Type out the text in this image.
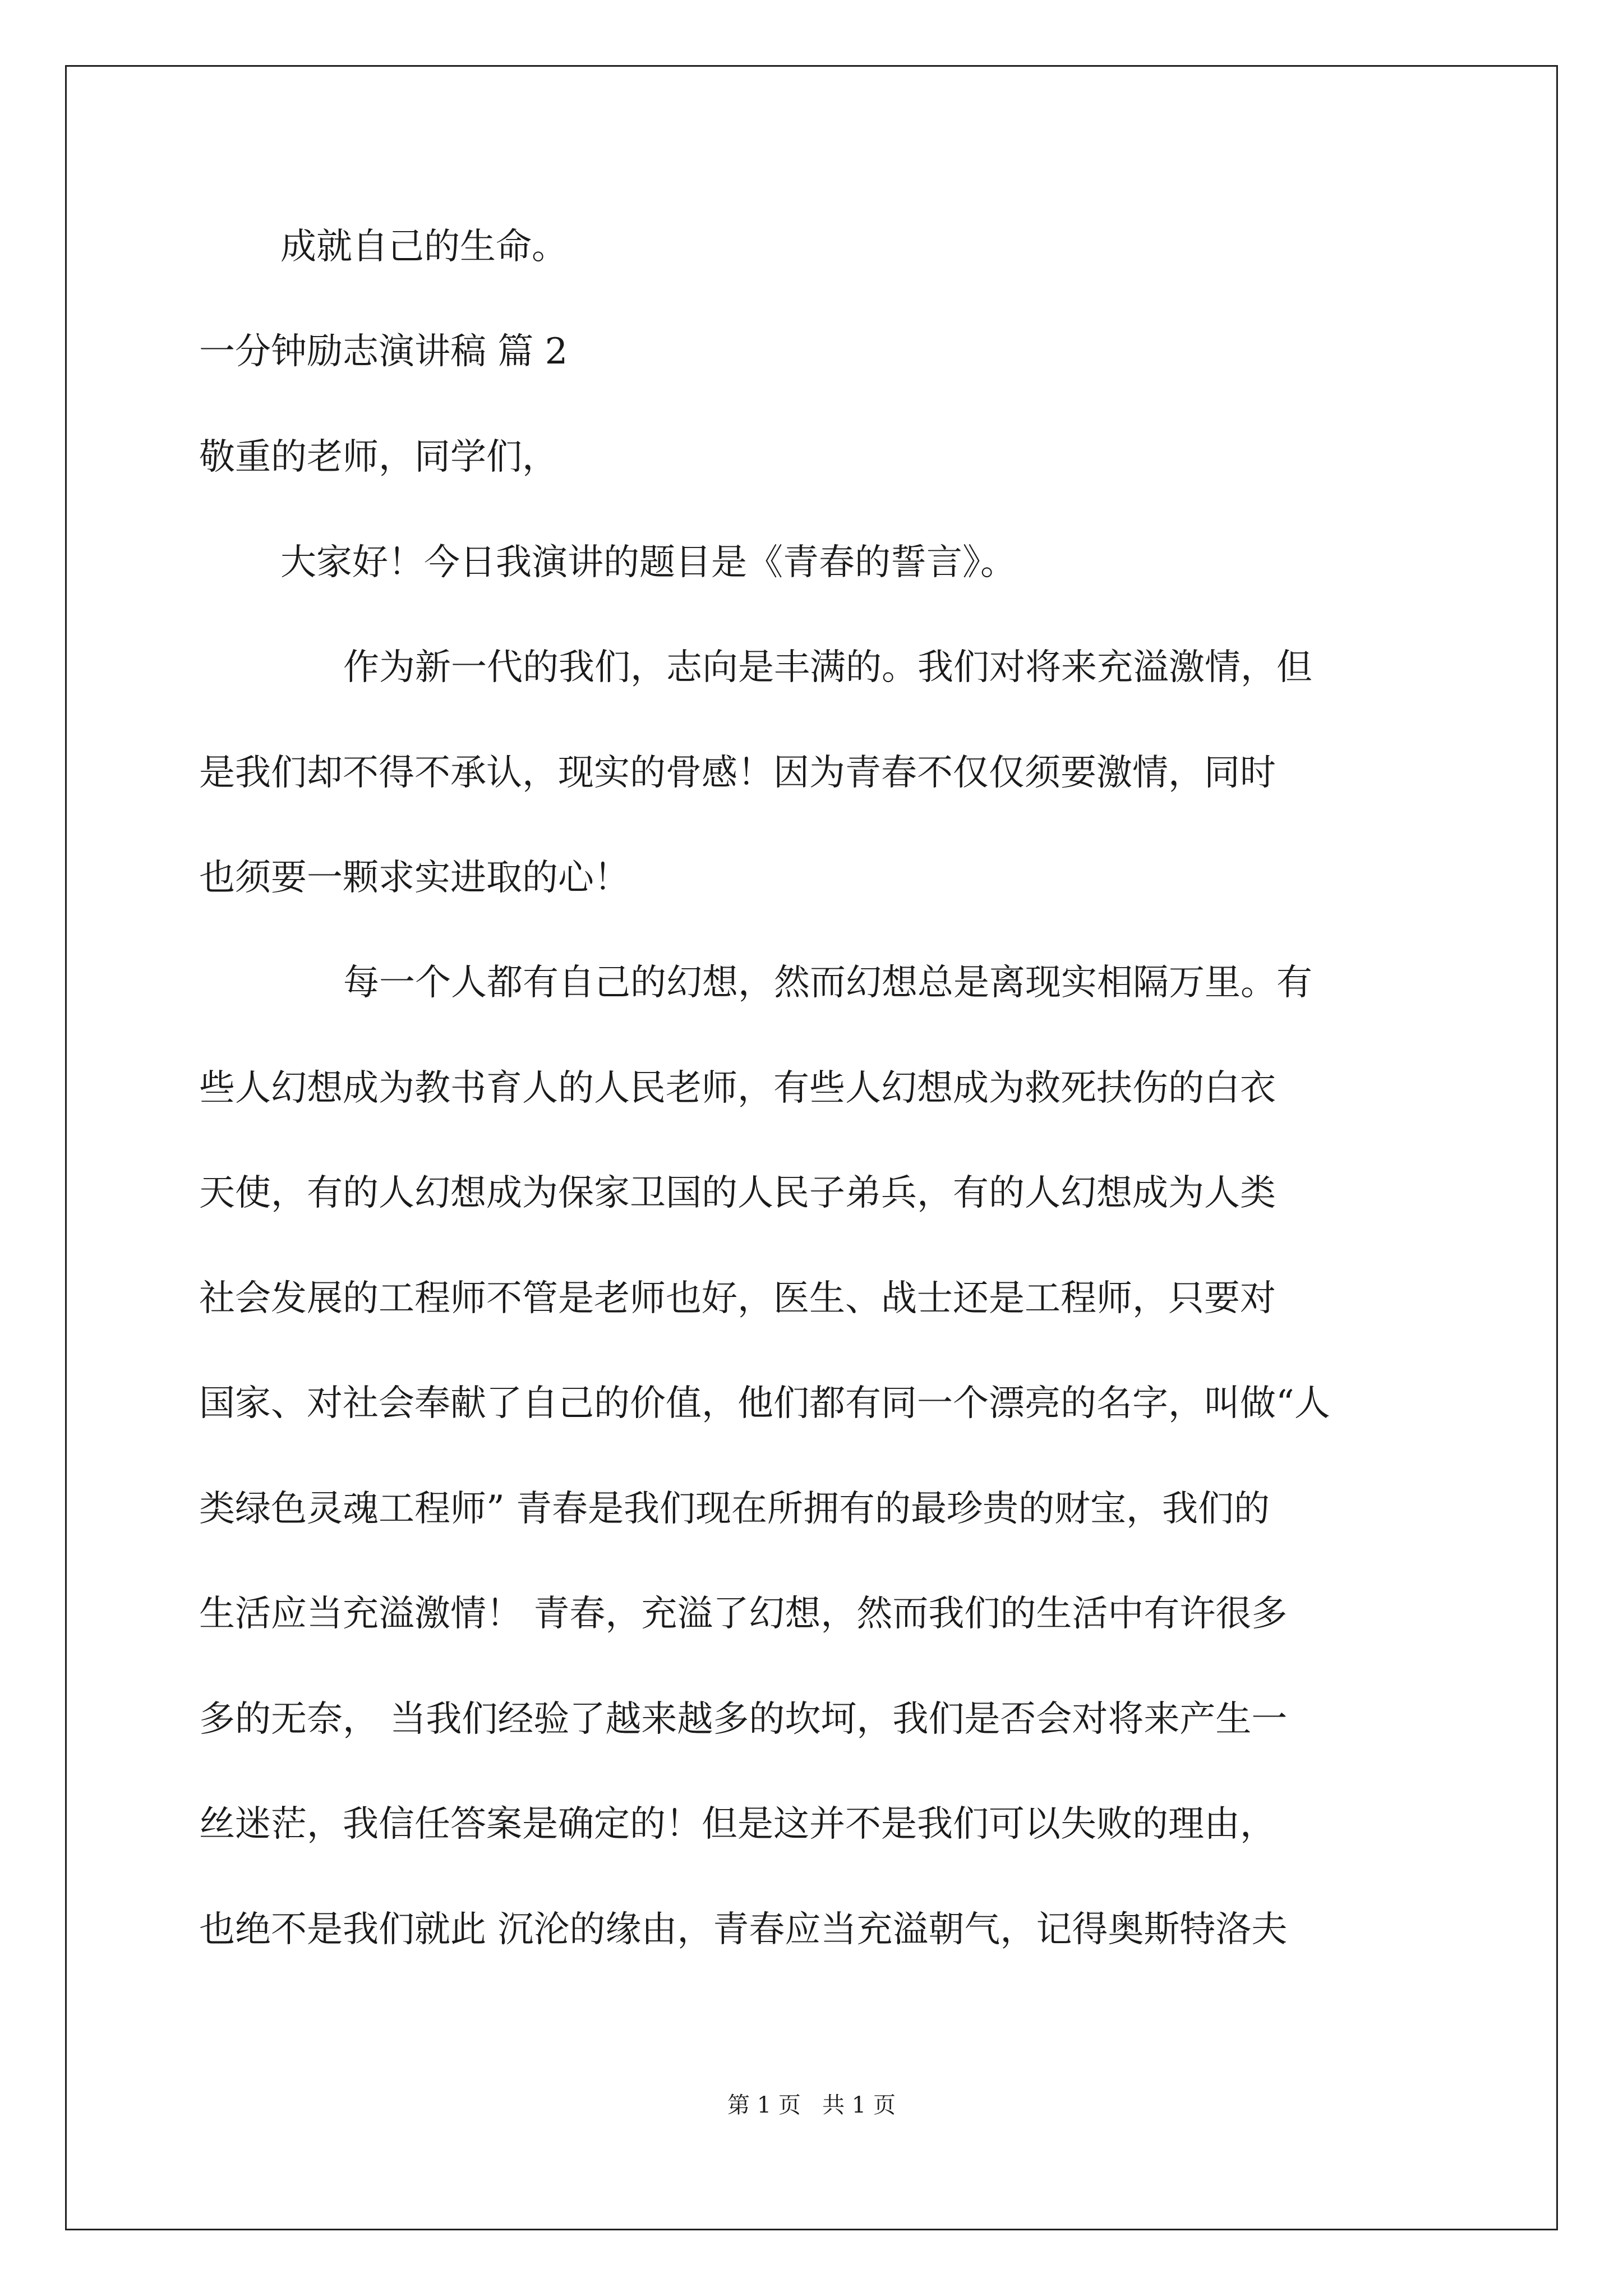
成就自己的生命。
一分钟励志演讲稿 篇 2
敬重的老师，同学们，
大家好！今日我演讲的题目是《青春的誓言》。
作为新一代的我们，志向是丰满的。我们对将来充溢激情，但
是我们却不得不承认，现实的骨感！因为青春不仅仅须要激情，同时
也须要一颗求实进取的心！
每一个人都有自己的幻想，然而幻想总是离现实相隔万里。有
些人幻想成为教书育人的人民老师，有些人幻想成为救死扶伤的白衣
天使，有的人幻想成为保家卫国的人民子弟兵，有的人幻想成为人类
社会发展的工程师不管是老师也好，医生、战士还是工程师，只要对
国家、对社会奉献了自己的价值，他们都有同一个漂亮的名字，叫做“人
类绿色灵魂工程师” 青春是我们现在所拥有的最珍贵的财宝，我们的
生活应当充溢激情！ 青春，充溢了幻想，然而我们的生活中有许很多
多的无奈， 当我们经验了越来越多的坎坷，我们是否会对将来产生一
丝迷茫，我信任答案是确定的！但是这并不是我们可以失败的理由，
也绝不是我们就此 沉沦的缘由，青春应当充溢朝气，记得奥斯特洛夫
第 1 页   共 1 页
